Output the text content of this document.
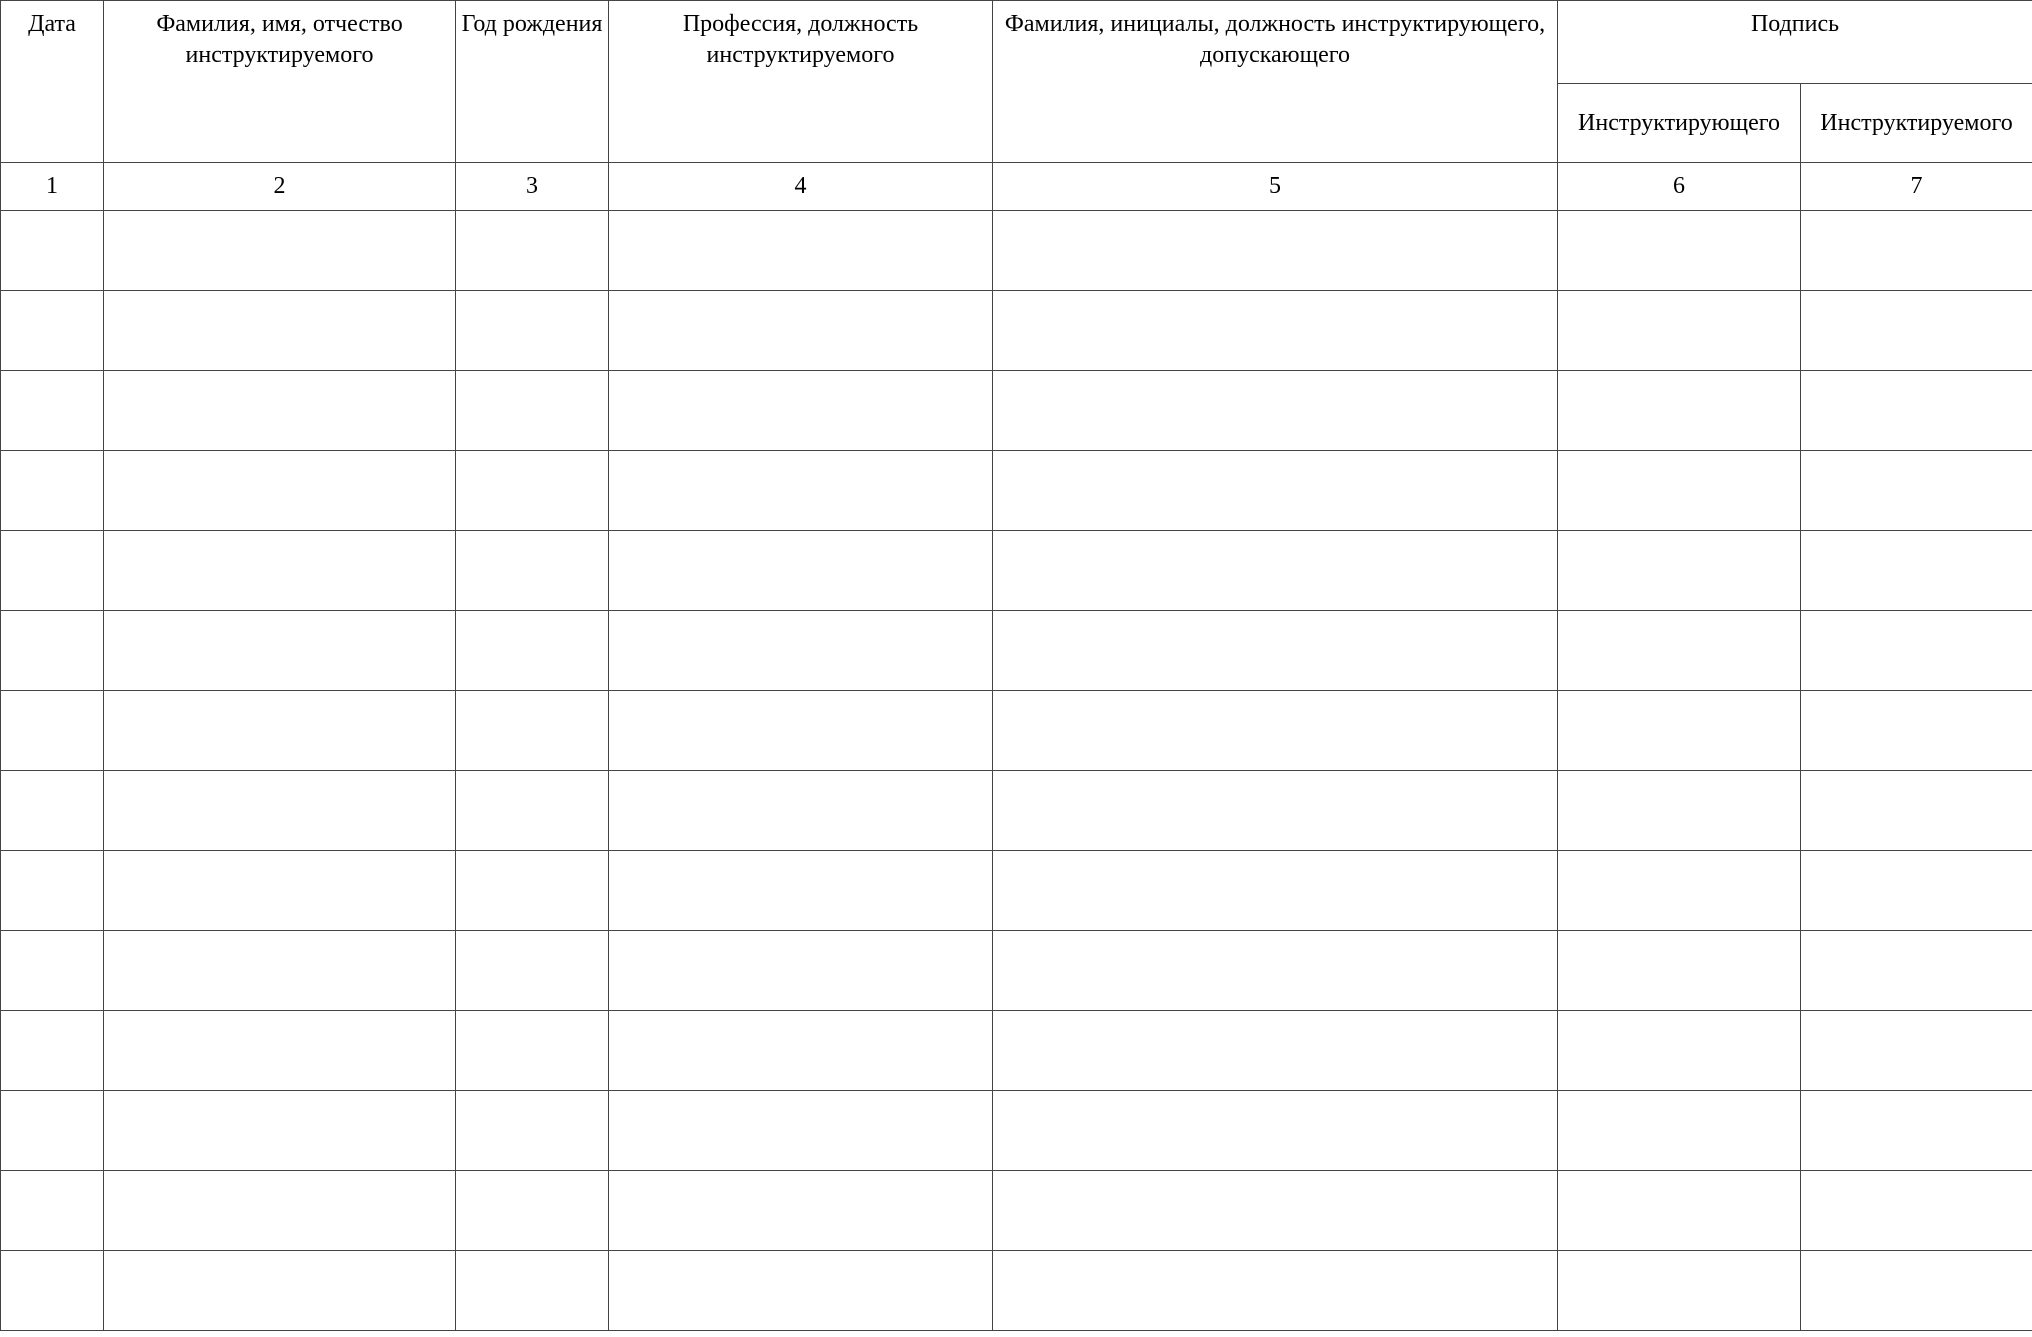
Дата	Фамилия, имя, отчество инструктируемого	Год рождения	Профессия, должность инструктируемого	Фамилия, инициалы, должность инструктирующего, допускающего	Подпись	

					Инструктирующего	Инструктируемого
1	2	3	4	5	6	7
